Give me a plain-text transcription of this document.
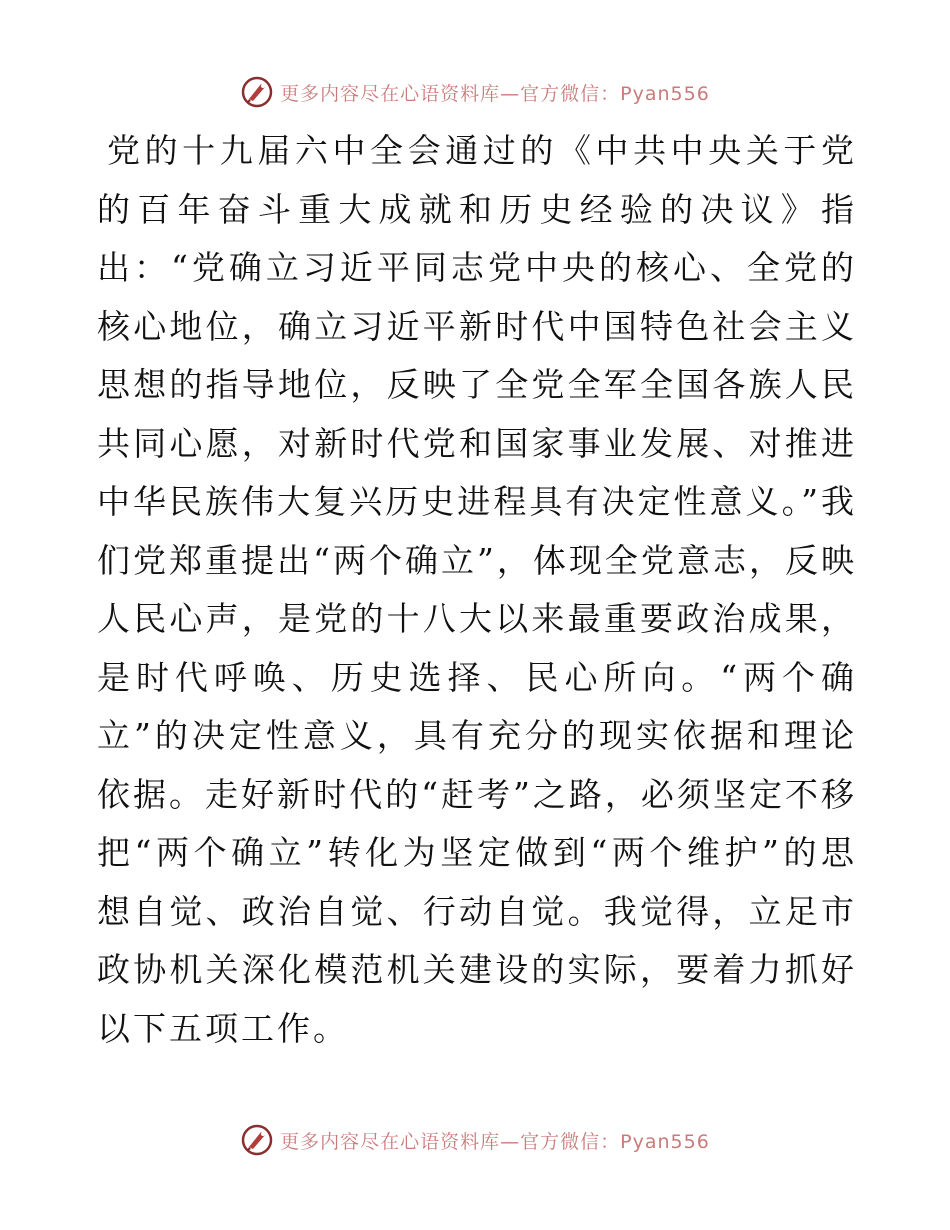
更多内容尽在心语资料库—官方微信：Pyan556

党的十九届六中全会通过的《中共中央关于党的百年奋斗重大成就和历史经验的决议》指出：“党确立习近平同志党中央的核心、全党的核心地位，确立习近平新时代中国特色社会主义思想的指导地位，反映了全党全军全国各族人民共同心愿，对新时代党和国家事业发展、对推进中华民族伟大复兴历史进程具有决定性意义。”我们党郑重提出“两个确立”，体现全党意志，反映人民心声，是党的十八大以来最重要政治成果，是时代呼唤、历史选择、民心所向。“两个确立”的决定性意义，具有充分的现实依据和理论依据。走好新时代的“赶考”之路，必须坚定不移把“两个确立”转化为坚定做到“两个维护”的思想自觉、政治自觉、行动自觉。我觉得，立足市政协机关深化模范机关建设的实际，要着力抓好以下五项工作。

更多内容尽在心语资料库—官方微信：Pyan556
